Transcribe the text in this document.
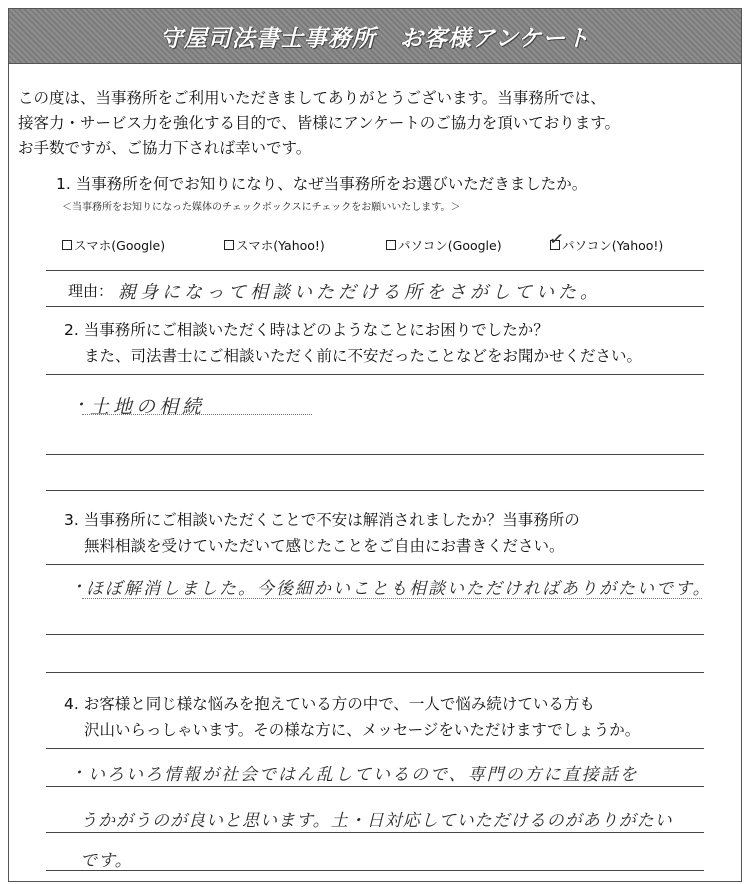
守屋司法書士事務所　お客様アンケート
この度は、当事務所をご利用いただきましてありがとうございます。当事務所では、
接客力・サービス力を強化する目的で、皆様にアンケートのご協力を頂いております。
お手数ですが、ご協力下されば幸いです。
1. 当事務所を何でお知りになり、なぜ当事務所をお選びいただきましたか。
＜当事務所をお知りになった媒体のチェックボックスにチェックをお願いいたします。＞
スマホ(Google)	スマホ(Yahoo!)	パソコン(Google)	✓
パソコン(Yahoo!)
理由： 親身になって相談いただける所をさがしていた。
2. 当事務所にご相談いただく時はどのようなことにお困りでしたか？
また、司法書士にご相談いただく前に不安だったことなどをお聞かせください。
・
土地の相続
3. 当事務所にご相談いただくことで不安は解消されましたか？当事務所の
無料相談を受けていただいて感じたことをご自由にお書きください。
・
ほぼ解消しました。今後細かいことも相談いただければありがたいです。
4. お客様と同じ様な悩みを抱えている方の中で、一人で悩み続けている方も
沢山いらっしゃいます。その様な方に、メッセージをいただけますでしょうか。
・
いろいろ情報が社会ではん乱しているので、専門の方に直接話を
うかがうのが良いと思います。土・日対応していただけるのがありがたい
です。
